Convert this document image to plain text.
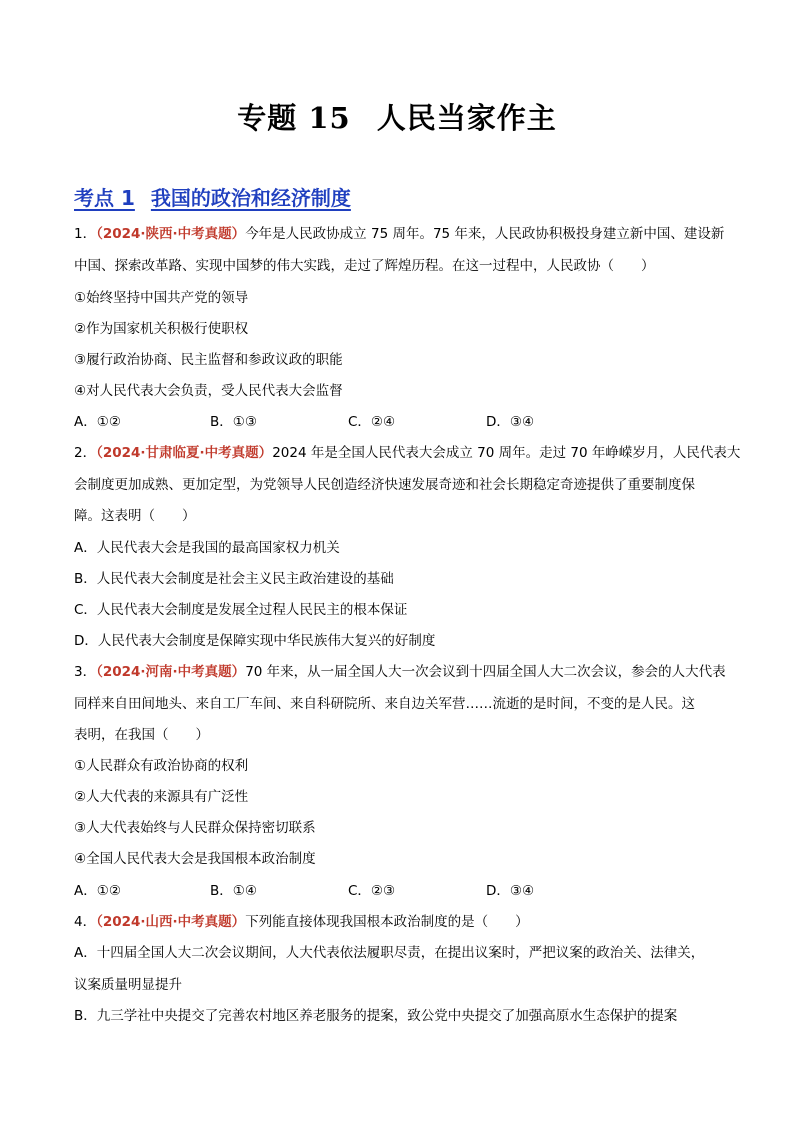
专题 15 人民当家作主
考点 1 我国的政治和经济制度
1．（2024·陕西·中考真题）今年是人民政协成立 75 周年。75 年来，人民政协积极投身建立新中国、建设新
中国、探索改革路、实现中国梦的伟大实践，走过了辉煌历程。在这一过程中，人民政协（　　）
①始终坚持中国共产党的领导
②作为国家机关积极行使职权
③履行政治协商、民主监督和参政议政的职能
④对人民代表大会负责，受人民代表大会监督
A．①②	B．①③	C．②④	D．③④
2．（2024·甘肃临夏·中考真题）2024 年是全国人民代表大会成立 70 周年。走过 70 年峥嵘岁月，人民代表大
会制度更加成熟、更加定型，为党领导人民创造经济快速发展奇迹和社会长期稳定奇迹提供了重要制度保
障。这表明（　　）
A．人民代表大会是我国的最高国家权力机关
B．人民代表大会制度是社会主义民主政治建设的基础
C．人民代表大会制度是发展全过程人民民主的根本保证
D．人民代表大会制度是保障实现中华民族伟大复兴的好制度
3．（2024·河南·中考真题）70 年来，从一届全国人大一次会议到十四届全国人大二次会议，参会的人大代表
同样来自田间地头、来自工厂车间、来自科研院所、来自边关军营……流逝的是时间，不变的是人民。这
表明，在我国（　　）
①人民群众有政治协商的权利
②人大代表的来源具有广泛性
③人大代表始终与人民群众保持密切联系
④全国人民代表大会是我国根本政治制度
A．①②	B．①④	C．②③	D．③④
4．（2024·山西·中考真题）下列能直接体现我国根本政治制度的是（　　）
A．十四届全国人大二次会议期间，人大代表依法履职尽责，在提出议案时，严把议案的政治关、法律关，
议案质量明显提升
B．九三学社中央提交了完善农村地区养老服务的提案，致公党中央提交了加强高原水生态保护的提案
